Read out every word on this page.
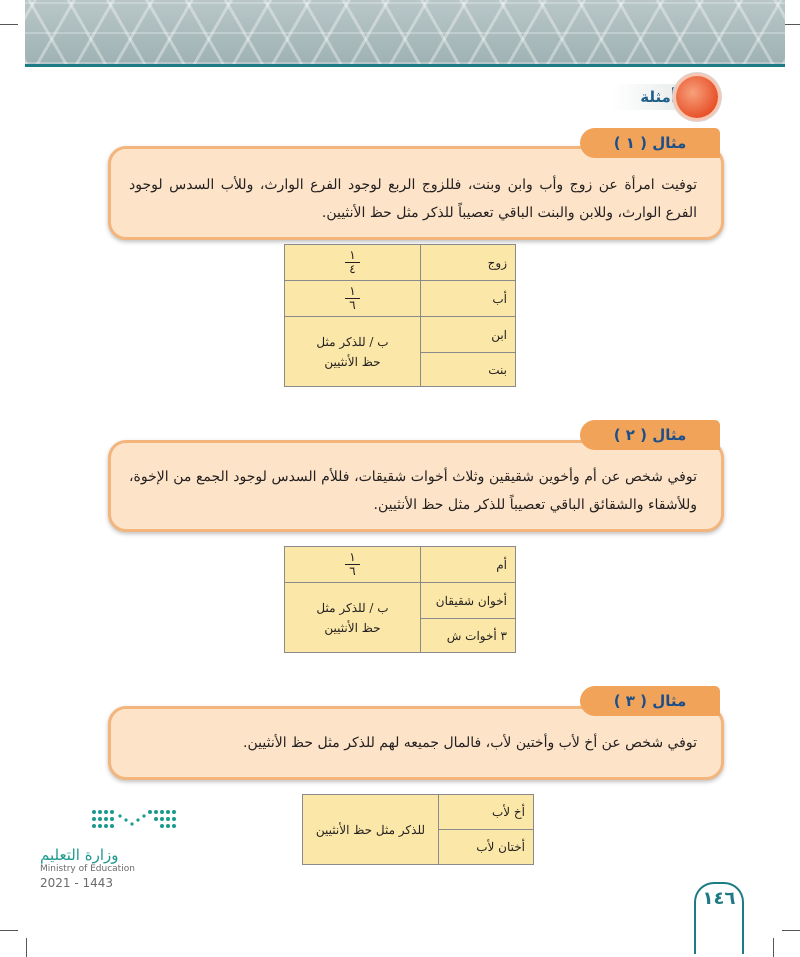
أمثلة
توفيت امرأة عن زوج وأب وابن وبنت، فللزوج الربع لوجود الفرع الوارث، وللأب السدس لوجود الفرع الوارث، وللابن والبنت الباقي تعصيباً للذكر مثل حظ الأنثيين.
مثال ( ١ )
زوج	$\frac{١}{٤}$

أب	$\frac{١}{٦}$

ابن	ب / للذكر مثل حظ الأنثيين
بنت	
توفي شخص عن أم وأخوين شقيقين وثلاث أخوات شقيقات، فللأم السدس لوجود الجمع من الإخوة، وللأشقاء والشقائق الباقي تعصيباً للذكر مثل حظ الأنثيين.
مثال ( ٢ )
أم	$\frac{١}{٦}$

أخوان شقيقان	ب / للذكر مثل حظ الأنثيين
٣ أخوات ش	
توفي شخص عن أخ لأب وأختين لأب، فالمال جميعه لهم للذكر مثل حظ الأنثيين.
مثال ( ٣ )
أخ لأب	للذكر مثل حظ الأنثيين
أختان لأب
وزارة التعليم
Ministry of Education
2021 - 1443
١٤٦
